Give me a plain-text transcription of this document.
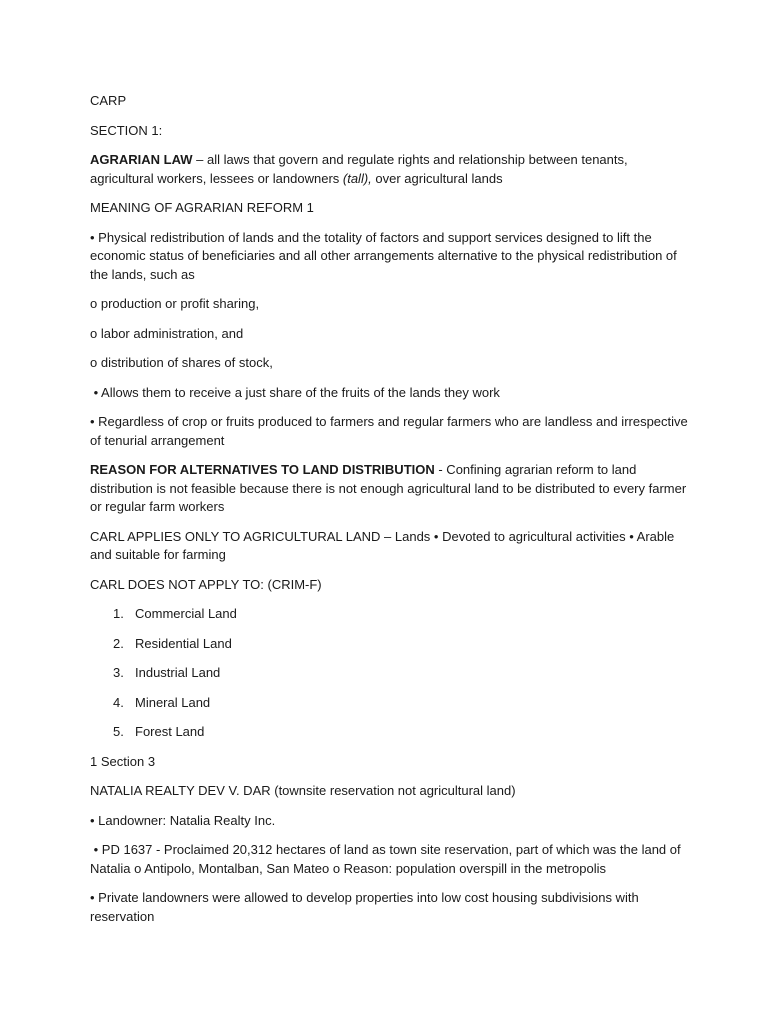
CARP

SECTION 1:

AGRARIAN LAW – all laws that govern and regulate rights and relationship between tenants, agricultural workers, lessees or landowners (tall), over agricultural lands

MEANING OF AGRARIAN REFORM 1

• Physical redistribution of lands and the totality of factors and support services designed to lift the economic status of beneficiaries and all other arrangements alternative to the physical redistribution of the lands, such as

o production or profit sharing,

o labor administration, and

o distribution of shares of stock,

• Allows them to receive a just share of the fruits of the lands they work

• Regardless of crop or fruits produced to farmers and regular farmers who are landless and irrespective of tenurial arrangement

REASON FOR ALTERNATIVES TO LAND DISTRIBUTION - Confining agrarian reform to land distribution is not feasible because there is not enough agricultural land to be distributed to every farmer or regular farm workers

CARL APPLIES ONLY TO AGRICULTURAL LAND – Lands • Devoted to agricultural activities • Arable and suitable for farming

CARL DOES NOT APPLY TO: (CRIM-F)

1. Commercial Land
2. Residential Land
3. Industrial Land
4. Mineral Land
5. Forest Land

1 Section 3

NATALIA REALTY DEV V. DAR (townsite reservation not agricultural land)

• Landowner: Natalia Realty Inc.

• PD 1637 - Proclaimed 20,312 hectares of land as town site reservation, part of which was the land of Natalia o Antipolo, Montalban, San Mateo o Reason: population overspill in the metropolis

• Private landowners were allowed to develop properties into low cost housing subdivisions with reservation
